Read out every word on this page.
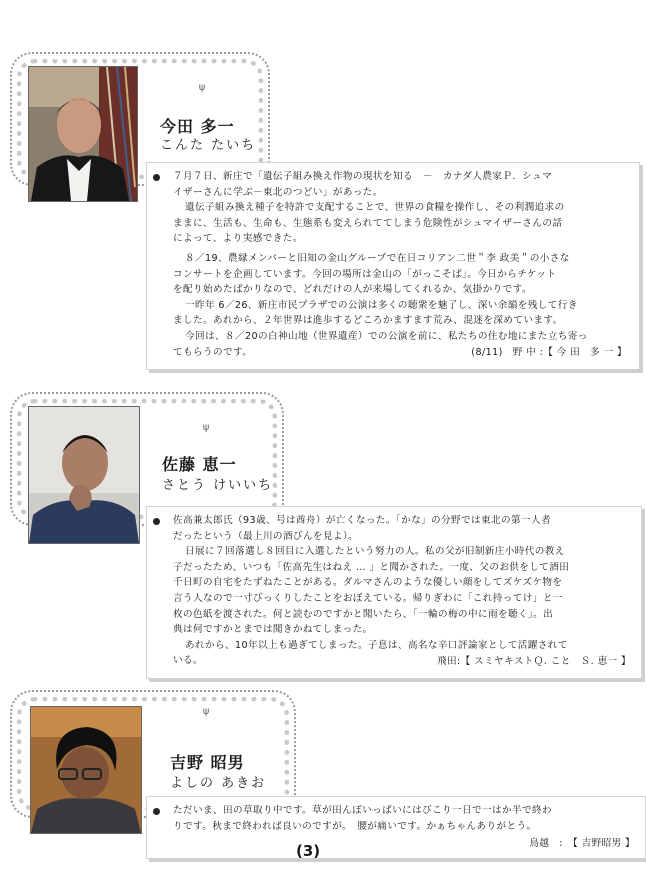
ψ
今田 多一
こんた たいち

７月７日、新庄で「遺伝子組み換え作物の現状を知る　－　カナダ人農家Ｐ．シュマ

イザーさんに学ぶ－東北のつどい」があった。

遺伝子組み換え種子を特許で支配することで、世界の食糧を操作し、その利潤追求の

ままに、生活も、生命も、生態系も変えられててしまう危険性がシュマイザーさんの話

によって、より実感できた。

８／19、農縁メンバーと旧知の金山グループで在日コリアン二世＂李 政美＂の小さな

コンサートを企画しています。今回の場所は金山の「がっこそば」。今日からチケット

を配り始めたばかりなので、どれだけの人が来場してくれるか、気掛かりです。

一昨年 6／26、新庄市民プラザでの公演は多くの聴衆を魅了し、深い余韻を残して行き

ました。あれから、２年世界は進歩するどころかますます荒み、混迷を深めています。

今回は、８／20の白神山地（世界遺産）での公演を前に、私たちの住む地にまた立ち寄っ

てもらうのです。	(8/11)　野 中 :【 今 田　多 一 】

ψ
佐藤 恵一
さとう けいいち

佐高兼太郎氏（93歳、号は酋舟）が亡くなった。「かな」の分野では東北の第一人者

だったという（最上川の酒びんを見よ）。

日展に７回落選し８回目に入選したという努力の人。私の父が旧制新庄小時代の教え

子だったため、いつも「佐高先生はねえ … 」と聞かされた。一度、父のお供をして酒田

千日町の自宅をたずねたことがある。ダルマさんのような優しい顔をしてズケズケ物を

言う人なので一寸びっくりしたことをおぼえている。帰りぎわに「これ持ってけ」と一

枚の色紙を渡された。何と読むのですかと聞いたら、「一輪の梅の中に雨を聴く」。出

典は何ですかとまでは聞きかねてしまった。

あれから、10年以上も過ぎてしまった。子息は、高名な辛口評論家として活躍されて

いる。	飛田:【 スミヤキストＱ. こと　Ｓ. 恵一 】

ψ
吉野 昭男
よしの あきお

ただいま、田の草取り中です。草が田んぼいっぱいにはびこり一日で一はか半で終わ

りです。秋まで終われば良いのですが。　腰が痛いです。かぁちゃんありがとう。

鳥越　:　【 吉野昭男 】

(3)
